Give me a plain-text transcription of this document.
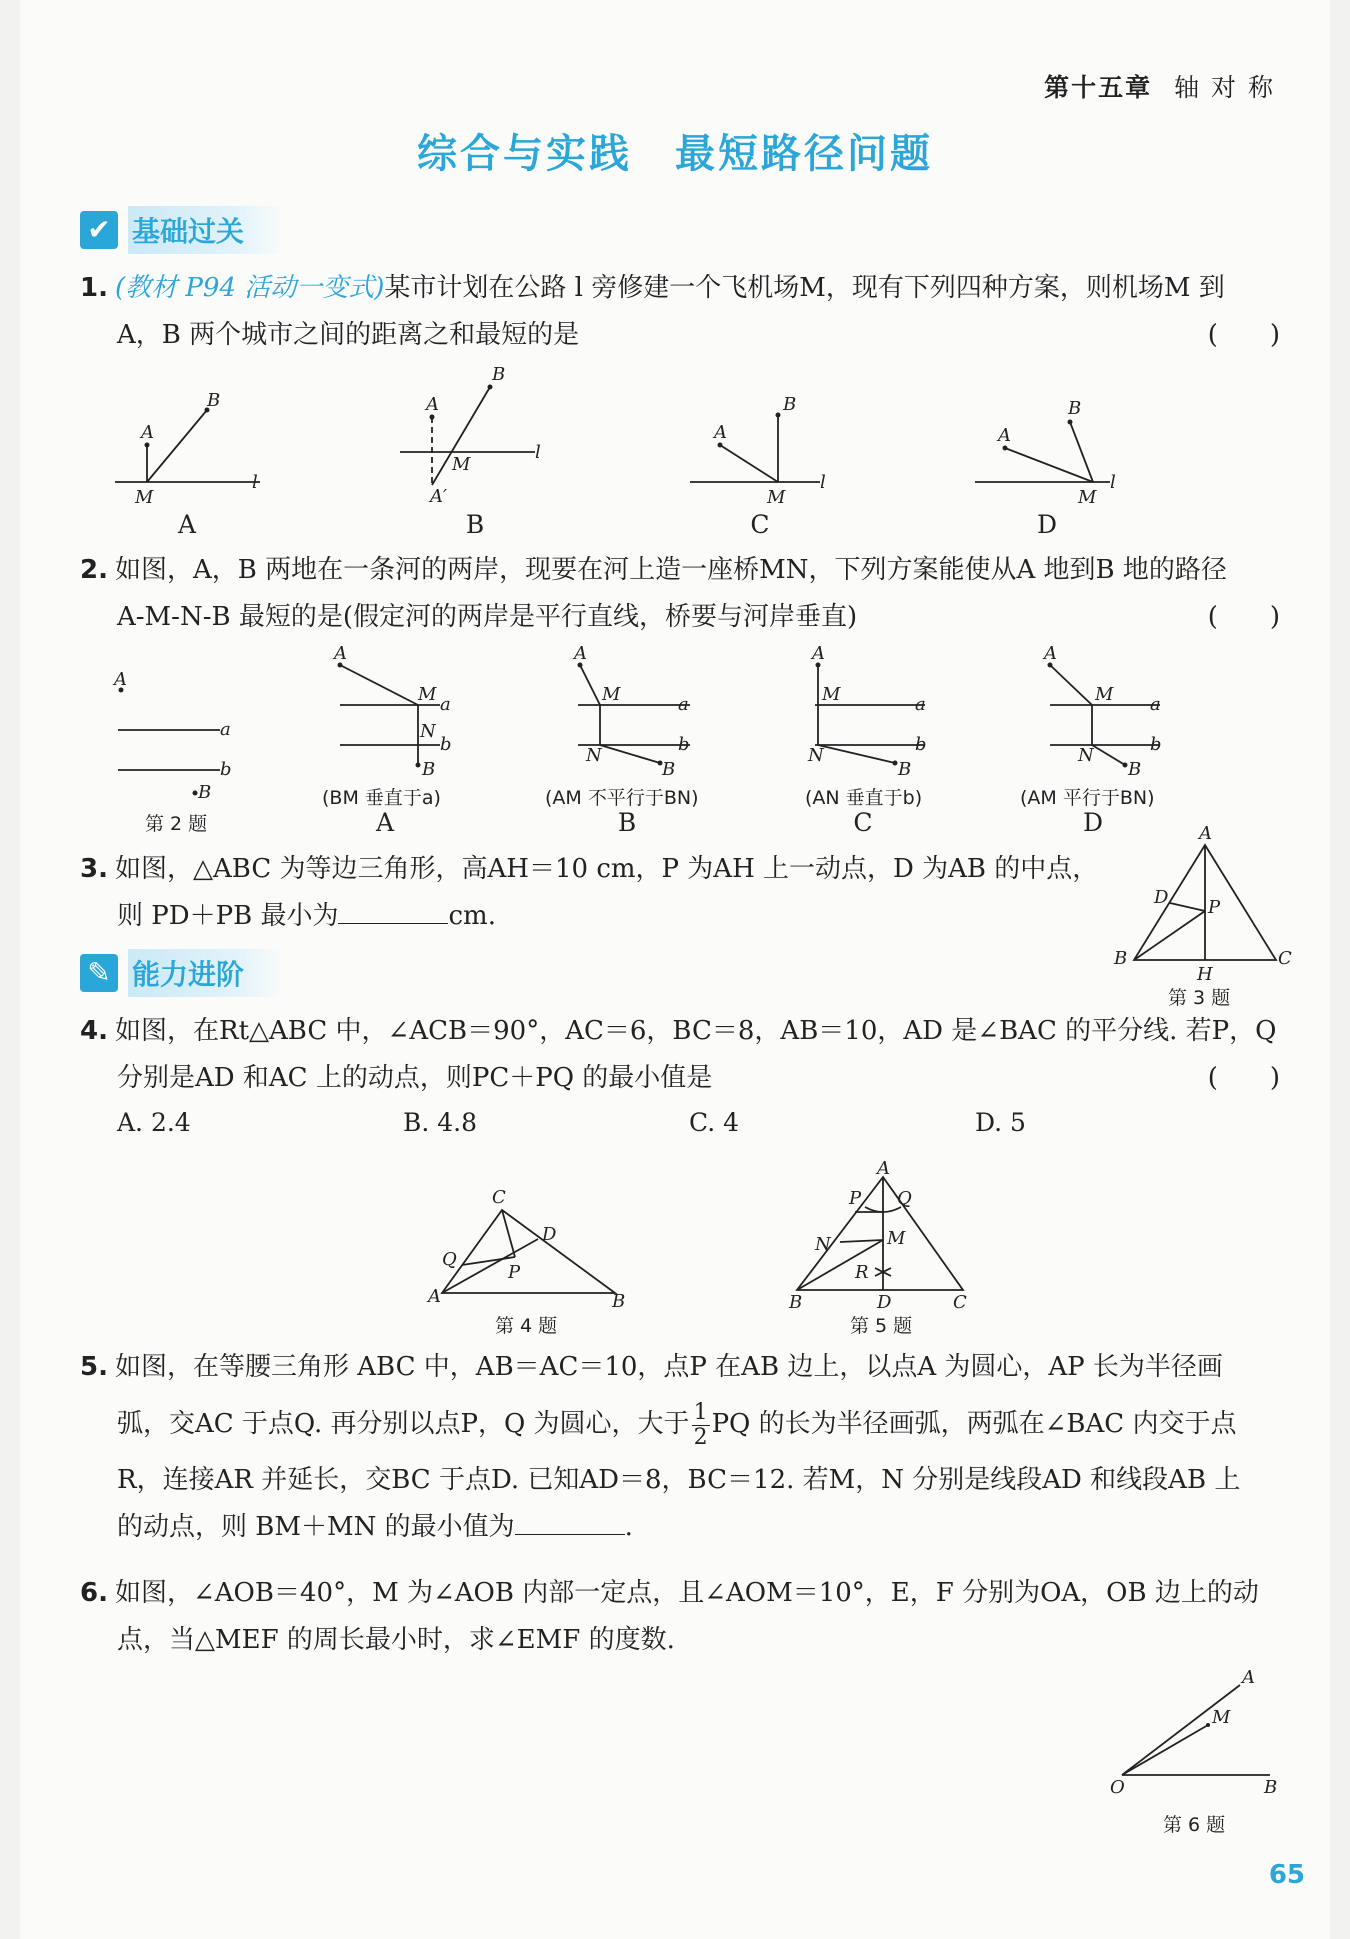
第十五章 轴 对 称
综合与实践　最短路径问题
✔ 基础过关
1. (教材 P94 活动一变式)某市计划在公路 l 旁修建一个飞机场M，现有下列四种方案，则机场M 到
A，B 两个城市之间的距离之和最短的是	(　　)
A
B
M
l
A
B
M
A′
l
A
B
M
l
A
B
M
l
A	B	C	D
2. 如图，A，B 两地在一条河的两岸，现要在河上造一座桥MN，下列方案能使从A 地到B 地的路径
A-M-N-B 最短的是(假定河的两岸是平行直线，桥要与河岸垂直)	(　　)
A
a
b
B
A
M
N
a
b
B
A
M
N
a
b
B
A
M
N
a
b
B
A
M
N
a
b
B
第 2 题
(BM 垂直于a)	(AM 不平行于BN)	(AN 垂直于b)	(AM 平行于BN)
A	B	C	D
3. 如图，△ABC 为等边三角形，高AH＝10 cm，P 为AH 上一动点，D 为AB 的中点，
则 PD＋PB 最小为	cm.
A
B	C
D P
H
第 3 题
✎ 能力进阶
4. 如图，在Rt△ABC 中，∠ACB＝90°，AC＝6，BC＝8，AB＝10，AD 是∠BAC 的平分线. 若P，Q
分别是AD 和AC 上的动点，则PC＋PQ 的最小值是	(　　)
A. 2.4	B. 4.8	C. 4	D. 5
C
D
Q
P
A	B
第 4 题
A
P Q
N	M
R
B	D	C
第 5 题
5. 如图，在等腰三角形 ABC 中，AB＝AC＝10，点P 在AB 边上，以点A 为圆心，AP 长为半径画
弧，交AC 于点Q. 再分别以点P，Q 为圆心，大于 $\frac{1}{2}$ PQ 的长为半径画弧，两弧在∠BAC 内交于点
R，连接AR 并延长，交BC 于点D. 已知AD＝8，BC＝12. 若M，N 分别是线段AD 和线段AB 上
的动点，则 BM＋MN 的最小值为	.
6. 如图，∠AOB＝40°，M 为∠AOB 内部一定点，且∠AOM＝10°，E，F 分别为OA，OB 边上的动
点，当△MEF 的周长最小时，求∠EMF 的度数.
A
M
O	B
第 6 题
65
